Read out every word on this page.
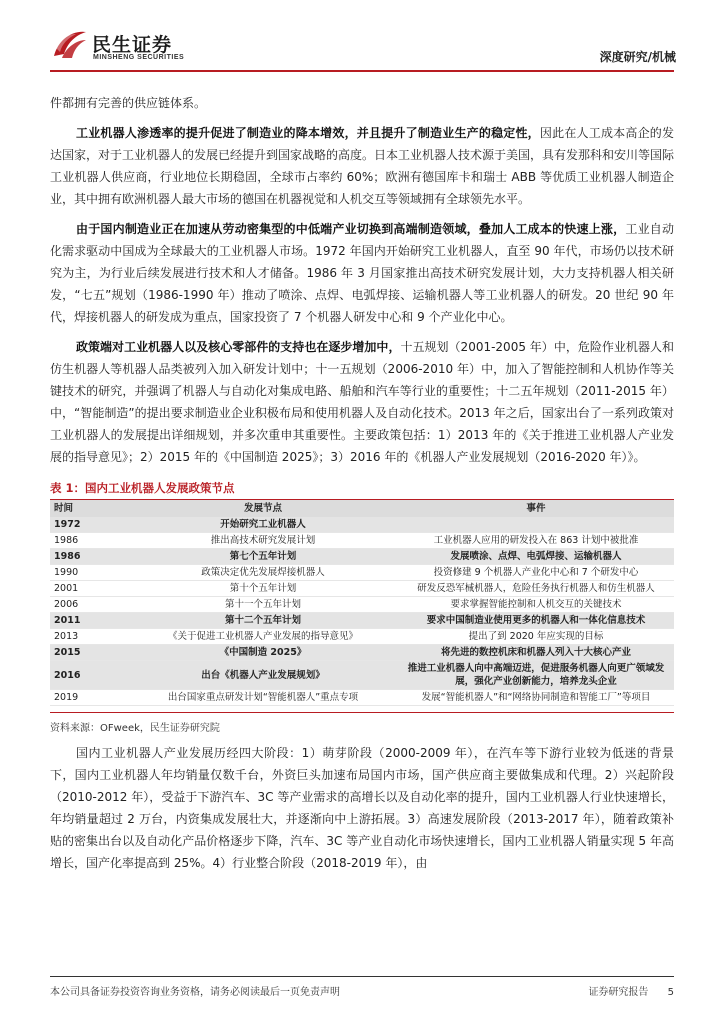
民生证券
MINSHENG SECURITIES	深度研究/机械

件都拥有完善的供应链体系。

工业机器人渗透率的提升促进了制造业的降本增效，并且提升了制造业生产的稳定性，因此在人工成本高企的发达国家，对于工业机器人的发展已经提升到国家战略的高度。日本工业机器人技术源于美国，具有发那科和安川等国际工业机器人供应商，行业地位长期稳固，全球市占率约 60%；欧洲有德国库卡和瑞士 ABB 等优质工业机器人制造企业，其中拥有欧洲机器人最大市场的德国在机器视觉和人机交互等领域拥有全球领先水平。

由于国内制造业正在加速从劳动密集型的中低端产业切换到高端制造领域，叠加人工成本的快速上涨，工业自动化需求驱动中国成为全球最大的工业机器人市场。1972 年国内开始研究工业机器人，直至 90 年代，市场仍以技术研究为主，为行业后续发展进行技术和人才储备。1986 年 3 月国家推出高技术研究发展计划，大力支持机器人相关研发，“七五”规划（1986-1990 年）推动了喷涂、点焊、电弧焊接、运输机器人等工业机器人的研发。20 世纪 90 年代，焊接机器人的研发成为重点，国家投资了 7 个机器人研发中心和 9 个产业化中心。

政策端对工业机器人以及核心零部件的支持也在逐步增加中，十五规划（2001-2005 年）中，危险作业机器人和仿生机器人等机器人品类被列入加入研发计划中；十一五规划（2006-2010 年）中，加入了智能控制和人机协作等关键技术的研究，并强调了机器人与自动化对集成电路、船舶和汽车等行业的重要性；十二五年规划（2011-2015 年）中，“智能制造”的提出要求制造业企业积极布局和使用机器人及自动化技术。2013 年之后，国家出台了一系列政策对工业机器人的发展提出详细规划，并多次重申其重要性。主要政策包括：1）2013 年的《关于推进工业机器人产业发展的指导意见》；2）2015 年的《中国制造 2025》；3）2016 年的《机器人产业发展规划（2016-2020 年）》。

表 1：国内工业机器人发展政策节点
时间	发展节点	事件
1972	开始研究工业机器人	
1986	推出高技术研究发展计划	工业机器人应用的研发投入在 863 计划中被批准
1986	第七个五年计划	发展喷涂、点焊、电弧焊接、运输机器人
1990	政策决定优先发展焊接机器人	投资修建 9 个机器人产业化中心和 7 个研发中心
2001	第十个五年计划	研发反恐军械机器人，危险任务执行机器人和仿生机器人
2006	第十一个五年计划	要求掌握智能控制和人机交互的关键技术
2011	第十二个五年计划	要求中国制造业使用更多的机器人和一体化信息技术
2013	《关于促进工业机器人产业发展的指导意见》	提出了到 2020 年应实现的目标
2015	《中国制造 2025》	将先进的数控机床和机器人列入十大核心产业
2016	出台《机器人产业发展规划》	推进工业机器人向中高端迈进，促进服务机器人向更广领域发展，强化产业创新能力，培养龙头企业
2019	出台国家重点研发计划“智能机器人”重点专项	发展“智能机器人”和“网络协同制造和智能工厂”等项目
资料来源：OFweek，民生证券研究院

国内工业机器人产业发展历经四大阶段：1）萌芽阶段（2000-2009 年），在汽车等下游行业较为低迷的背景下，国内工业机器人年均销量仅数千台，外资巨头加速布局国内市场，国产供应商主要做集成和代理。2）兴起阶段（2010-2012 年），受益于下游汽车、3C 等产业需求的高增长以及自动化率的提升，国内工业机器人行业快速增长，年均销量超过 2 万台，内资集成发展壮大，并逐渐向中上游拓展。3）高速发展阶段（2013-2017 年），随着政策补贴的密集出台以及自动化产品价格逐步下降，汽车、3C 等产业自动化市场快速增长，国内工业机器人销量实现 5 年高增长，国产化率提高到 25%。4）行业整合阶段（2018-2019 年），由

本公司具备证券投资咨询业务资格，请务必阅读最后一页免责声明	证券研究报告 5
